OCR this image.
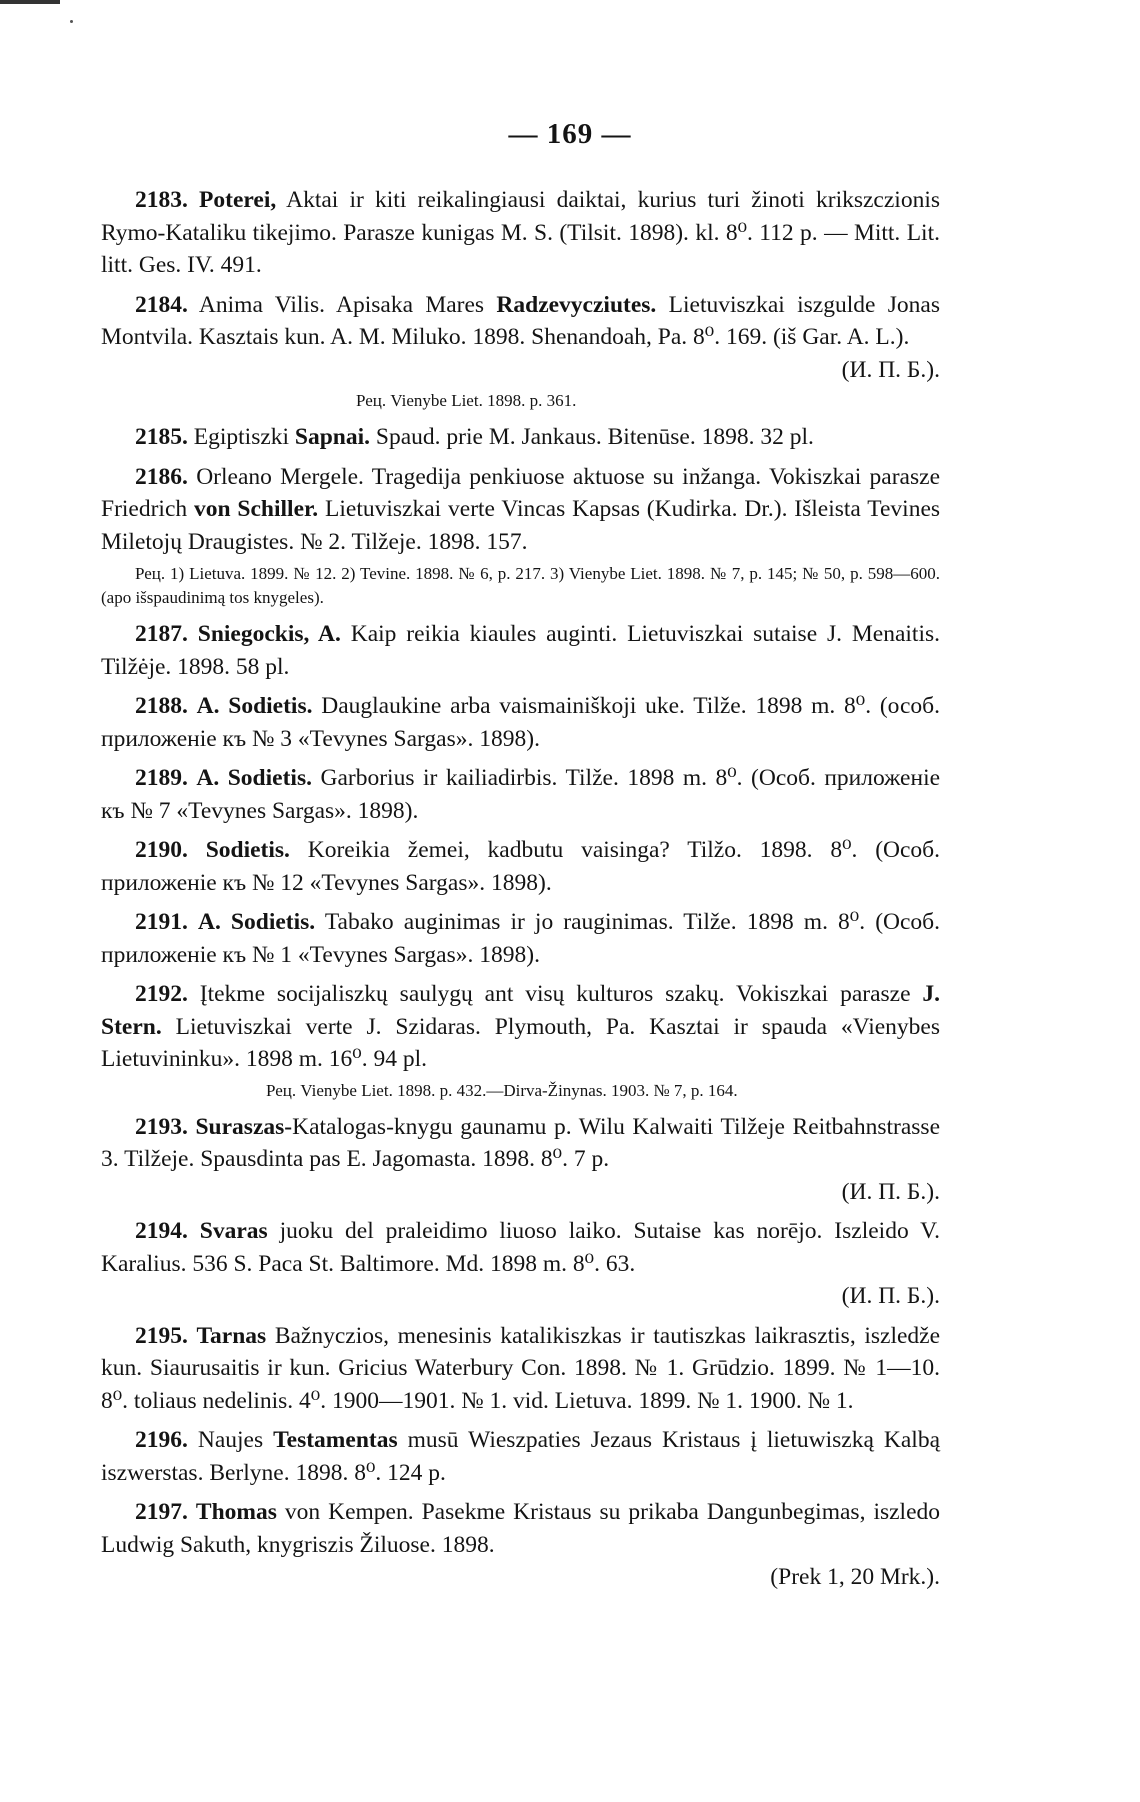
— 169 —

2183. Poterei, Aktai ir kiti reikalingiausi daiktai, kurius turi žinoti krikszczionis Rymo-Kataliku tikejimo. Parasze kunigas M. S. (Tilsit. 1898). kl. 8⁰. 112 p. — Mitt. Lit. litt. Ges. IV. 491.

2184. Anima Vilis. Apisaka Mares Radzevycziutes. Lietuviszkai iszgulde Jonas Montvila. Kasztais kun. A. M. Miluko. 1898. Shenandoah, Pa. 8⁰. 169. (iš Gar. A. L.).
(И. П. Б.).

Рец. Vienybe Liet. 1898. p. 361.

2185. Egiptiszki Sapnai. Spaud. prie M. Jankaus. Bitenūse. 1898. 32 pl.

2186. Orleano Mergele. Tragedija penkiuose aktuose su inžanga. Vokiszkai parasze Friedrich von Schiller. Lietuviszkai verte Vincas Kapsas (Kudirka. Dr.). Išleista Tevines Miletojų Draugistes. № 2. Tilžeje. 1898. 157.

Рец. 1) Lietuva. 1899. № 12. 2) Tevine. 1898. № 6, p. 217. 3) Vienybe Liet. 1898. № 7, p. 145; № 50, p. 598—600. (apo išspaudinimą tos knygeles).

2187. Sniegockis, A. Kaip reikia kiaules auginti. Lietuviszkai sutaise J. Menaitis. Tilžėje. 1898. 58 pl.

2188. A. Sodietis. Dauglaukine arba vaismainiškoji uke. Tilže. 1898 m. 8⁰. (особ. приложенiе къ № 3 «Tevynes Sargas». 1898).

2189. A. Sodietis. Garborius ir kailiadirbis. Tilže. 1898 m. 8⁰. (Особ. приложенiе къ № 7 «Tevynes Sargas». 1898).

2190. Sodietis. Koreikia žemei, kadbutu vaisinga? Tilžo. 1898. 8⁰. (Особ. приложенiе къ № 12 «Tevynes Sargas». 1898).

2191. A. Sodietis. Tabako auginimas ir jo rauginimas. Tilže. 1898 m. 8⁰. (Особ. приложенiе къ № 1 «Tevynes Sargas». 1898).

2192. Įtekme socijaliszkų saulygų ant visų kulturos szakų. Vokiszkai parasze J. Stern. Lietuviszkai verte J. Szidaras. Plymouth, Pa. Kasztai ir spauda «Vienybes Lietuvininku». 1898 m. 16⁰. 94 pl.

Рец. Vienybe Liet. 1898. p. 432.—Dirva-Žinynas. 1903. № 7, p. 164.

2193. Suraszas-Katalogas-knygu gaunamu p. Wilu Kalwaiti Tilžeje Reitbahnstrasse 3. Tilžeje. Spausdinta pas E. Jagomasta. 1898. 8⁰. 7 p.
(И. П. Б.).

2194. Svaras juoku del praleidimo liuoso laiko. Sutaise kas norējo. Iszleido V. Karalius. 536 S. Paca St. Baltimore. Md. 1898 m. 8⁰. 63.
(И. П. Б.).

2195. Tarnas Bažnyczios, menesinis katalikiszkas ir tautiszkas laikrasztis, iszledže kun. Siaurusaitis ir kun. Gricius Waterbury Con. 1898. № 1. Grūdzio. 1899. № 1—10. 8⁰. toliaus nedelinis. 4⁰. 1900—1901. № 1. vid. Lietuva. 1899. № 1. 1900. № 1.

2196. Naujes Testamentas musū Wieszpaties Jezaus Kristaus į lietuwiszką Kalbą iszwerstas. Berlyne. 1898. 8⁰. 124 p.

2197. Thomas von Kempen. Pasekme Kristaus su prikaba Dangunbegimas, iszledo Ludwig Sakuth, knygriszis Žiluose. 1898.
(Prek 1, 20 Mrk.).
